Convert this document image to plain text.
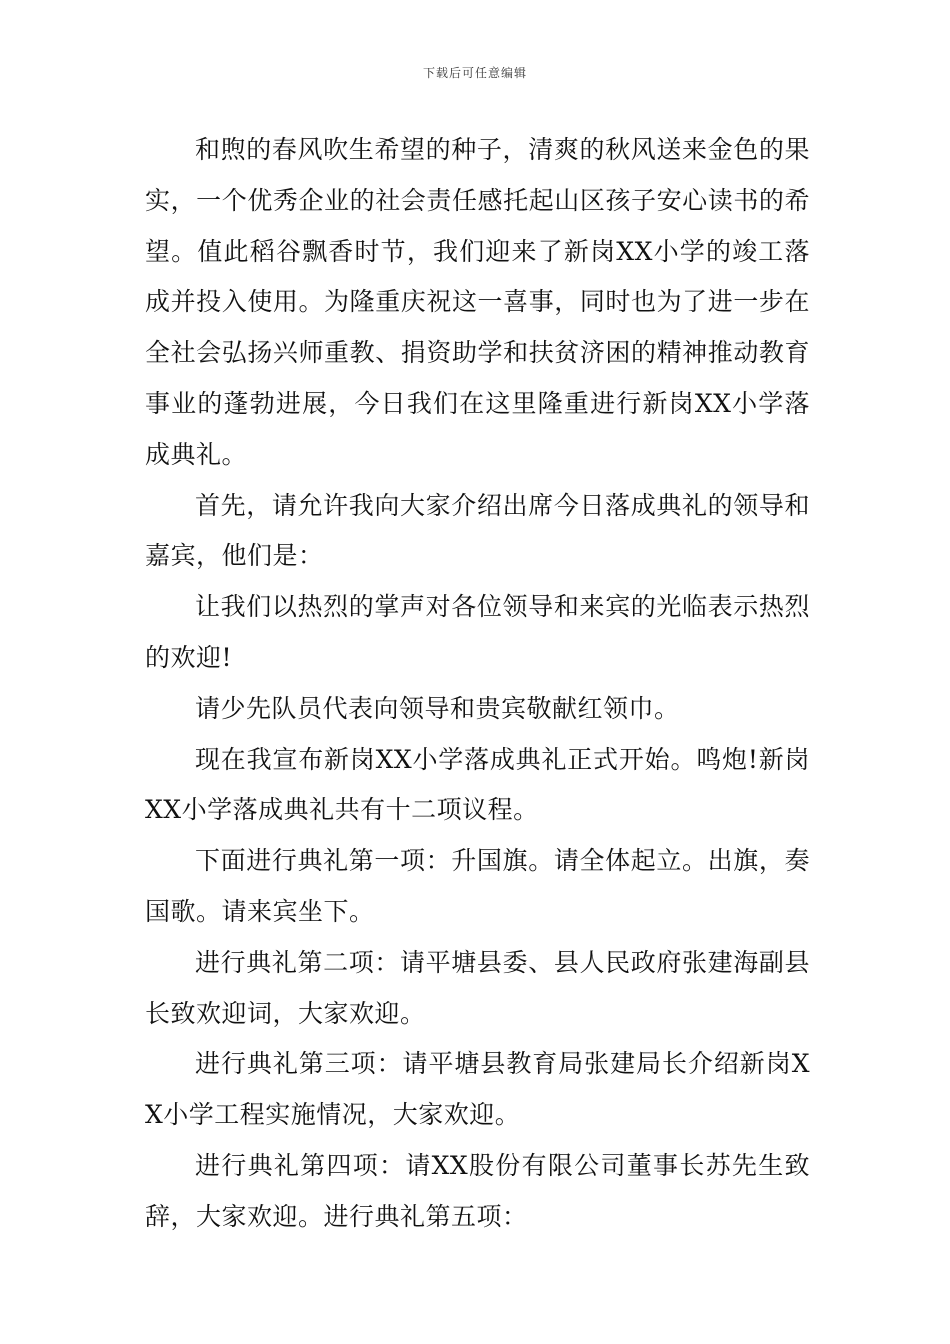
下载后可任意编辑

和煦的春风吹生希望的种子，清爽的秋风送来金色的果实，一个优秀企业的社会责任感托起山区孩子安心读书的希望。值此稻谷飘香时节，我们迎来了新岗XX小学的竣工落成并投入使用。为隆重庆祝这一喜事，同时也为了进一步在全社会弘扬兴师重教、捐资助学和扶贫济困的精神推动教育事业的蓬勃进展，今日我们在这里隆重进行新岗XX小学落成典礼。

首先，请允许我向大家介绍出席今日落成典礼的领导和嘉宾，他们是：

让我们以热烈的掌声对各位领导和来宾的光临表示热烈的欢迎!

请少先队员代表向领导和贵宾敬献红领巾。

现在我宣布新岗XX小学落成典礼正式开始。鸣炮!新岗XX小学落成典礼共有十二项议程。

下面进行典礼第一项：升国旗。请全体起立。出旗，奏国歌。请来宾坐下。

进行典礼第二项：请平塘县委、县人民政府张建海副县长致欢迎词，大家欢迎。

进行典礼第三项：请平塘县教育局张建局长介绍新岗XX小学工程实施情况，大家欢迎。

进行典礼第四项：请XX股份有限公司董事长苏先生致辞，大家欢迎。进行典礼第五项：
